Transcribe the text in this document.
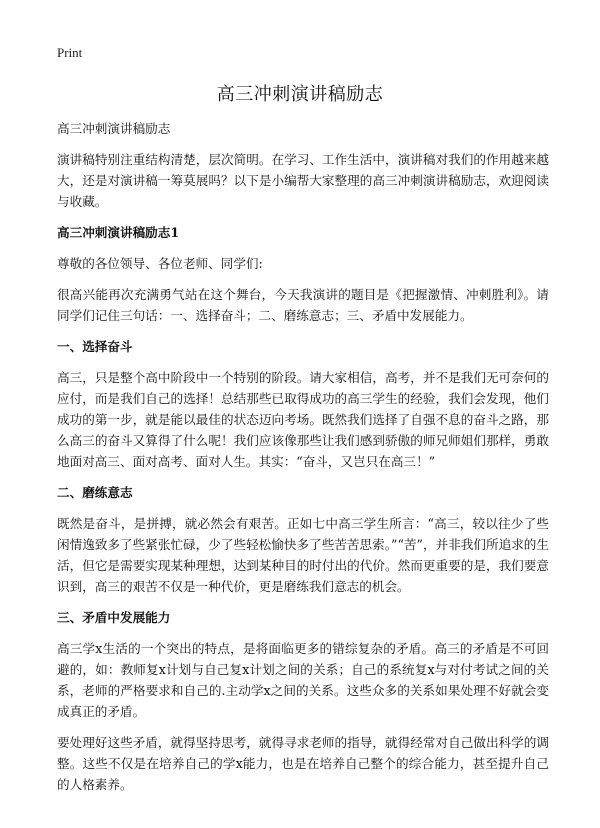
Print
高三冲刺演讲稿励志

高三冲刺演讲稿励志

演讲稿特别注重结构清楚，层次简明。在学习、工作生活中，演讲稿对我们的作用越来越大，还是对演讲稿一筹莫展吗？以下是小编帮大家整理的高三冲刺演讲稿励志，欢迎阅读与收藏。

高三冲刺演讲稿励志1

尊敬的各位领导、各位老师、同学们:

很高兴能再次充满勇气站在这个舞台，今天我演讲的题目是《把握激情、冲刺胜利》。请同学们记住三句话：一、选择奋斗；二、磨练意志；三、矛盾中发展能力。

一、选择奋斗

高三，只是整个高中阶段中一个特别的阶段。请大家相信，高考，并不是我们无可奈何的应付，而是我们自己的选择！总结那些已取得成功的高三学生的经验，我们会发现，他们成功的第一步，就是能以最佳的状态迈向考场。既然我们选择了自强不息的奋斗之路，那么高三的奋斗又算得了什么呢！我们应该像那些让我们感到骄傲的师兄师姐们那样，勇敢地面对高三、面对高考、面对人生。其实：“奋斗，又岂只在高三！”

二、磨练意志

既然是奋斗，是拼搏，就必然会有艰苦。正如七中高三学生所言：“高三，较以往少了些闲情逸致多了些紧张忙碌，少了些轻松愉快多了些苦苦思索。”“苦”，并非我们所追求的生活，但它是需要实现某种理想，达到某种目的时付出的代价。然而更重要的是，我们要意识到，高三的艰苦不仅是一种代价，更是磨练我们意志的机会。

三、矛盾中发展能力

高三学x生活的一个突出的特点，是将面临更多的错综复杂的矛盾。高三的矛盾是不可回避的，如：教师复x计划与自己复x计划之间的关系；自己的系统复x与对付考试之间的关系，老师的严格要求和自己的.主动学x之间的关系。这些众多的关系如果处理不好就会变成真正的矛盾。

要处理好这些矛盾，就得坚持思考，就得寻求老师的指导，就得经常对自己做出科学的调整。这些不仅是在培养自己的学x能力，也是在培养自己整个的综合能力，甚至提升自己的人格素养。
